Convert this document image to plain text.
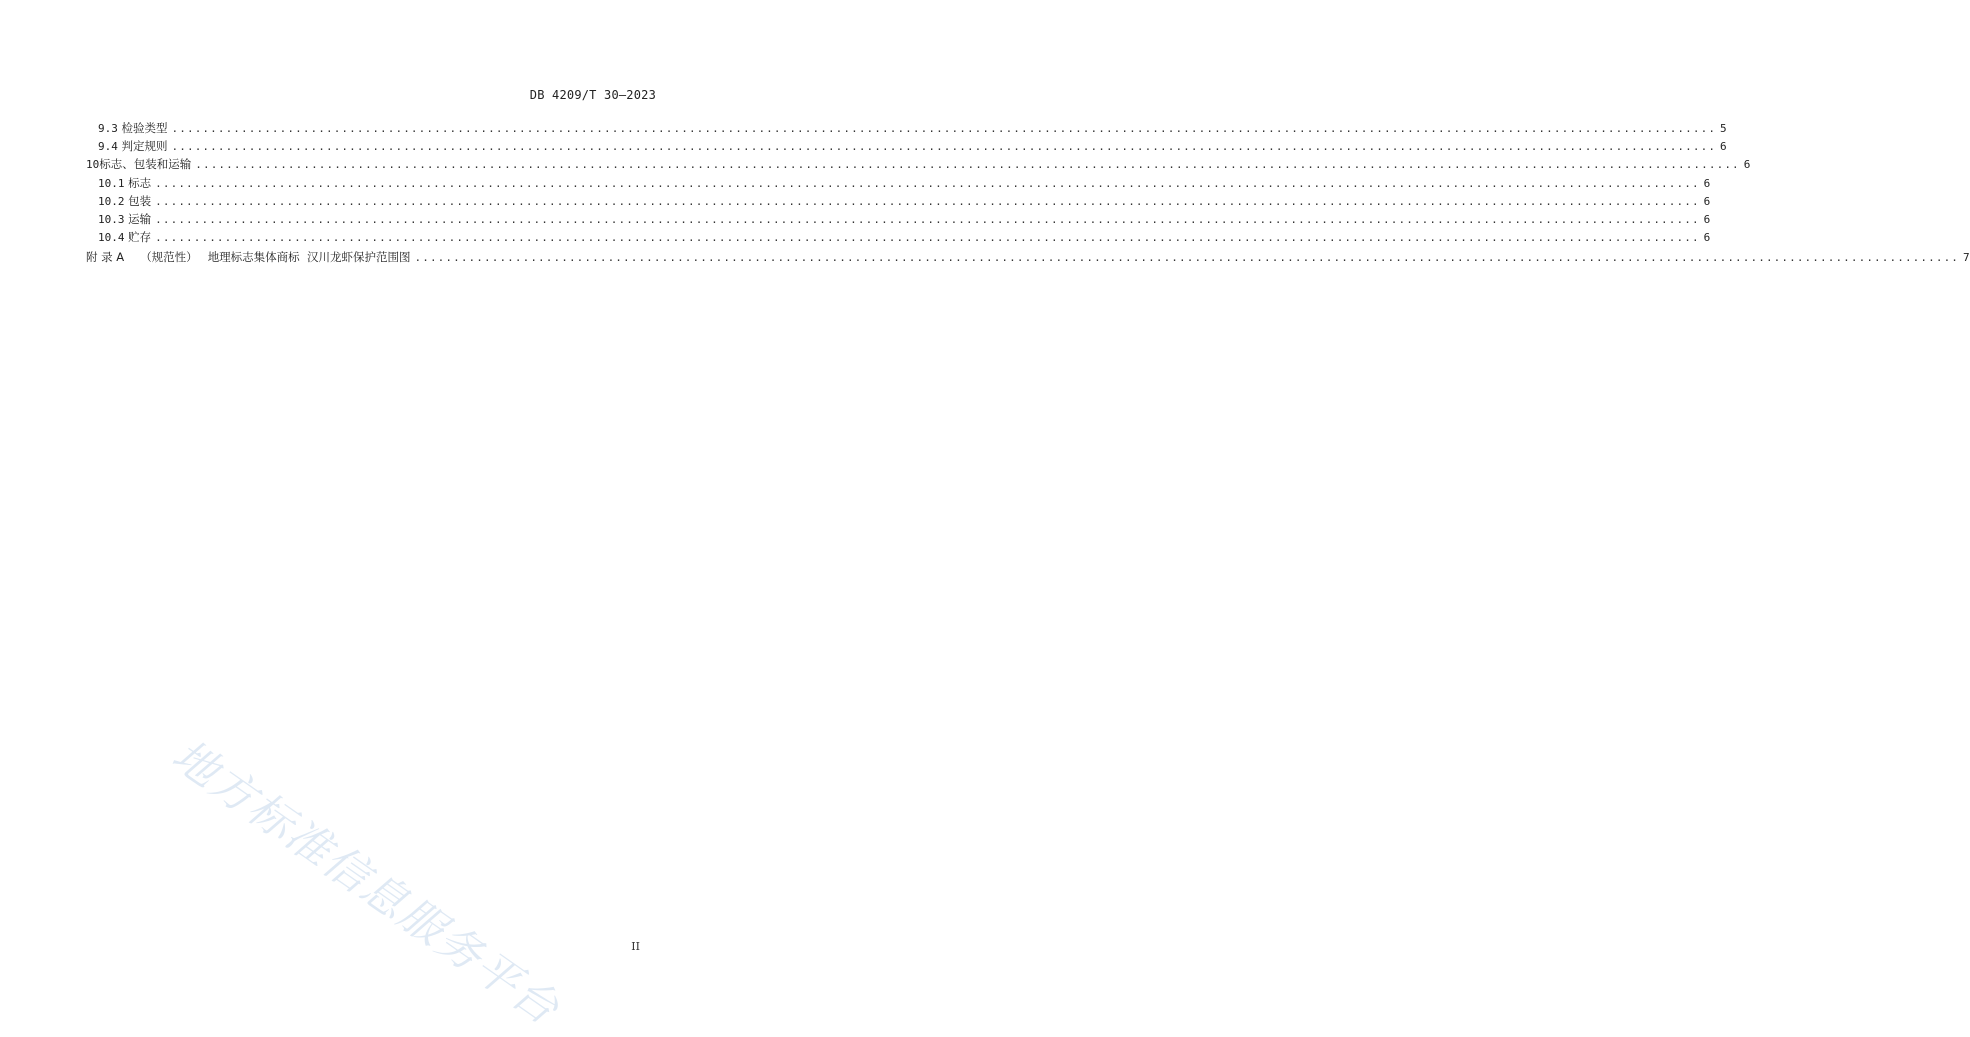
DB 4209/T 30—2023
9.3 检验类型 ........................................................................................................................................................................................................ 5
9.4 判定规则 ........................................................................................................................................................................................................ 6
10标志、包装和运输 ........................................................................................................................................................................................................ 6
10.1 标志 ........................................................................................................................................................................................................ 6
10.2 包装 ........................................................................................................................................................................................................ 6
10.3 运输 ........................................................................................................................................................................................................ 6
10.4 贮存 ........................................................................................................................................................................................................ 6
附 录 A （规范性） 地理标志集体商标  汉川龙虾保护范围图 ........................................................................................................................................................................................................ 7
地方标准信息服务平台	II
